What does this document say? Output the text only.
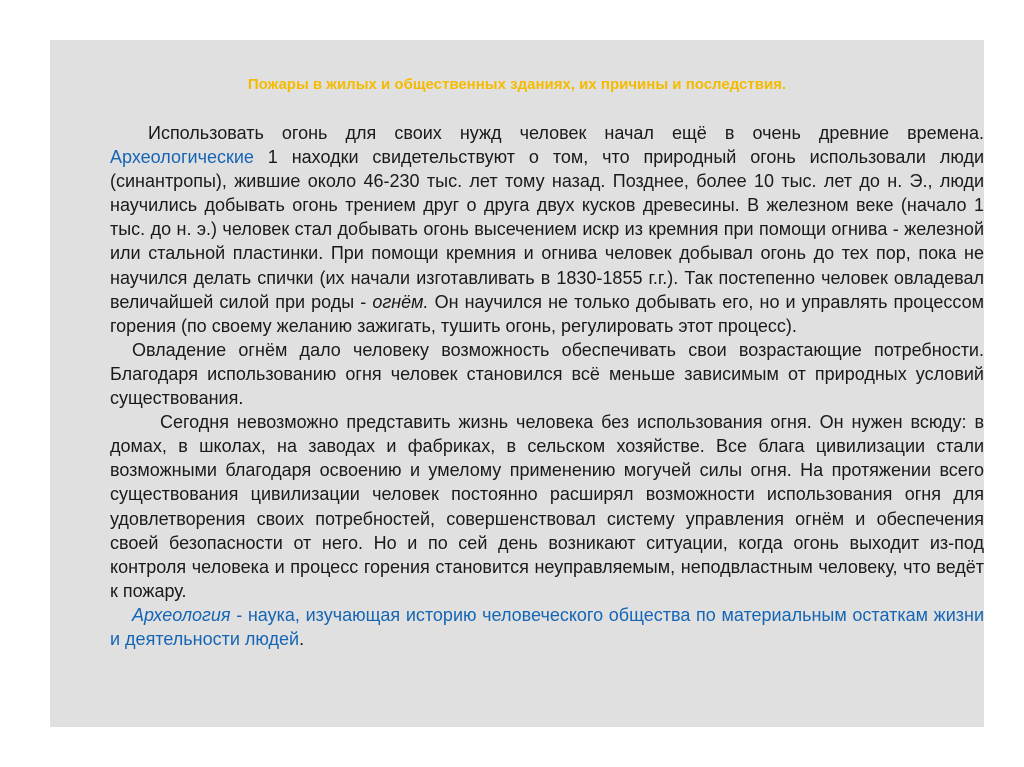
Пожары в жилых и общественных зданиях, их причины и последствия.

Использовать огонь для своих нужд человек начал ещё в очень древние времена. Археологические 1 находки свидетельствуют о том, что природный огонь использовали люди (синантропы), жившие около 46-230 тыс. лет тому назад. Позднее, более 10 тыс. лет до н. Э., люди научились добывать огонь трением друг о друга двух кусков древесины. В железном веке (начало 1 тыс. до н. э.) человек стал добывать огонь высечением искр из кремния при помощи огнива - железной или стальной пластинки. При помощи кремния и огнива человек добывал огонь до тех пор, пока не научился делать спички (их начали изготавливать в 1830-1855 г.г.). Так постепенно человек овладевал величайшей силой при роды - огнём. Он научился не только добывать его, но и управлять процессом горения (по своему желанию зажигать, тушить огонь, регулировать этот процесс).

Овладение огнём дало человеку возможность обеспечивать свои возрастающие потребности. Благодаря использованию огня человек становился всё меньше зависимым от природных условий существования.

Сегодня невозможно представить жизнь человека без использования огня. Он нужен всюду: в домах, в школах, на заводах и фабриках, в сельском хозяйстве. Все блага цивилизации стали возможными благодаря освоению и умелому применению могучей силы огня. На протяжении всего существования цивилизации человек постоянно расширял возможности использования огня для удовлетворения своих потребностей, совершенствовал систему управления огнём и обеспечения своей безопасности от него. Но и по сей день возникают ситуации, когда огонь выходит из-под контроля человека и процесс горения становится неуправляемым, неподвластным человеку, что ведёт к пожару.

Археология - наука, изучающая историю человеческого общества по материальным остаткам жизни и деятельности людей.
